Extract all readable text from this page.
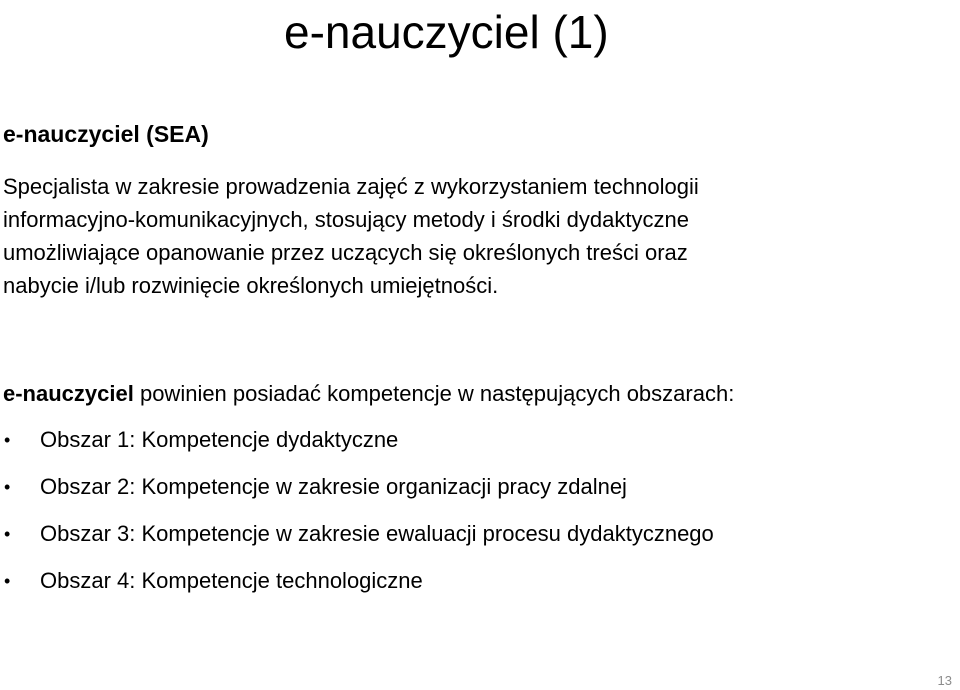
e-nauczyciel (1)
e-nauczyciel (SEA)
Specjalista w zakresie prowadzenia zajęć z wykorzystaniem technologii
informacyjno-komunikacyjnych, stosujący metody i środki dydaktyczne
umożliwiające opanowanie przez uczących się określonych treści oraz
nabycie i/lub rozwinięcie określonych umiejętności.
e-nauczyciel powinien posiadać kompetencje w następujących obszarach:
• Obszar 1: Kompetencje dydaktyczne
• Obszar 2: Kompetencje w zakresie organizacji pracy zdalnej
• Obszar 3: Kompetencje w zakresie ewaluacji procesu dydaktycznego
• Obszar 4: Kompetencje technologiczne
13
